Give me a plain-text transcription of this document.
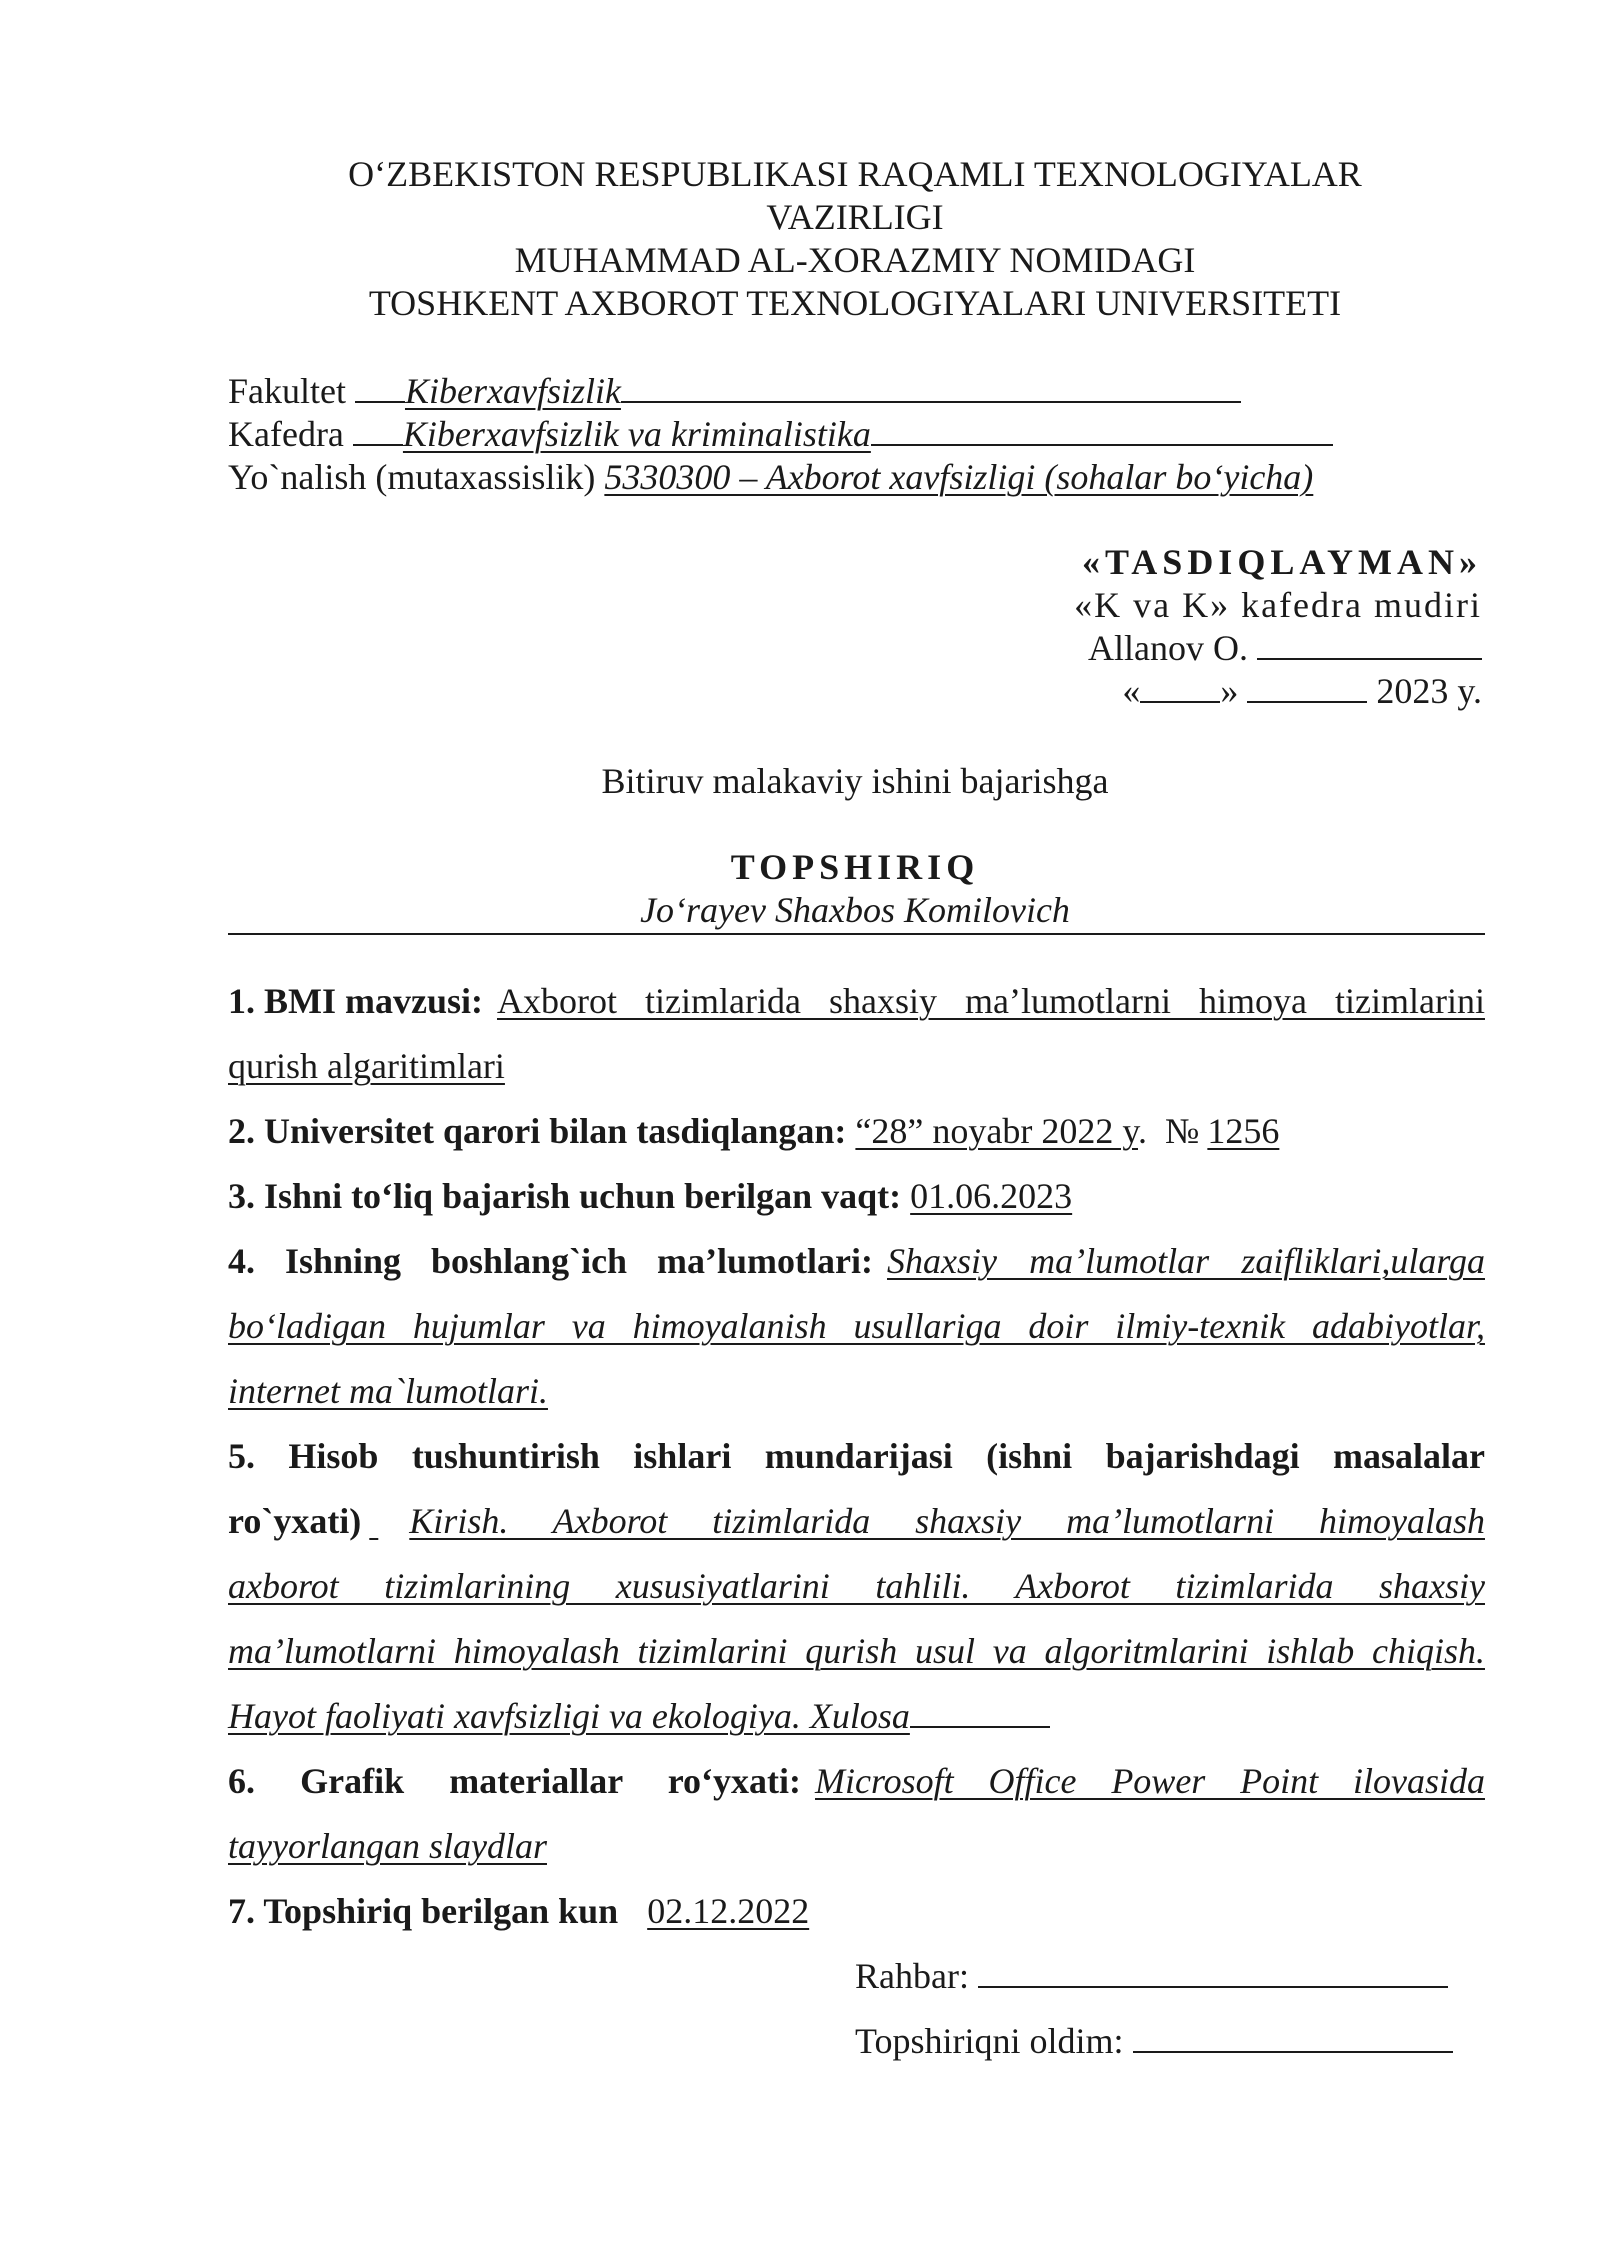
O‘ZBEKISTON RESPUBLIKASI RAQAMLI TEXNOLOGIYALAR
VAZIRLIGI
MUHAMMAD AL-XORAZMIY NOMIDAGI
TOSHKENT AXBOROT TEXNOLOGIYALARI UNIVERSITETI
Fakultet Kiberxavfsizlik
Kafedra Kiberxavfsizlik va kriminalistika
Yo`nalish (mutaxassislik) 5330300 – Axborot xavfsizligi (sohalar bo‘yicha)
«TASDIQLAYMAN»
«K va K» kafedra mudiri
Allanov O.
« »	2023 y.
Bitiruv malakaviy ishini bajarishga
TOPSHIRIQ
Jo‘rayev Shaxbos Komilovich
1. BMI mavzusi: Axborot tizimlarida shaxsiy ma’lumotlarni himoya tizimlarini
qurish algaritimlari
2. Universitet qarori bilan tasdiqlangan: “28” noyabr 2022 y. № 1256
3. Ishni to‘liq bajarish uchun berilgan vaqt: 01.06.2023
4. Ishning boshlang`ich ma’lumotlari: Shaxsiy ma’lumotlar zaifliklari,ularga
bo‘ladigan hujumlar va himoyalanish usullariga doir ilmiy-texnik adabiyotlar,
internet ma`lumotlari.
5. Hisob tushuntirish ishlari mundarijasi (ishni bajarishdagi masalalar
ro`yxati)
Kirish. Axborot tizimlarida shaxsiy ma’lumotlarni himoyalash
axborot tizimlarining xususiyatlarini tahlili. Axborot tizimlarida shaxsiy
ma’lumotlarni himoyalash tizimlarini qurish usul va algoritmlarini ishlab chiqish.
Hayot faoliyati xavfsizligi va ekologiya. Xulosa
6. Grafik materiallar ro‘yxati: Microsoft Office Power Point ilovasida
tayyorlangan slaydlar
7. Topshiriq berilgan kun 02.12.2022
Rahbar:
Topshiriqni oldim:
